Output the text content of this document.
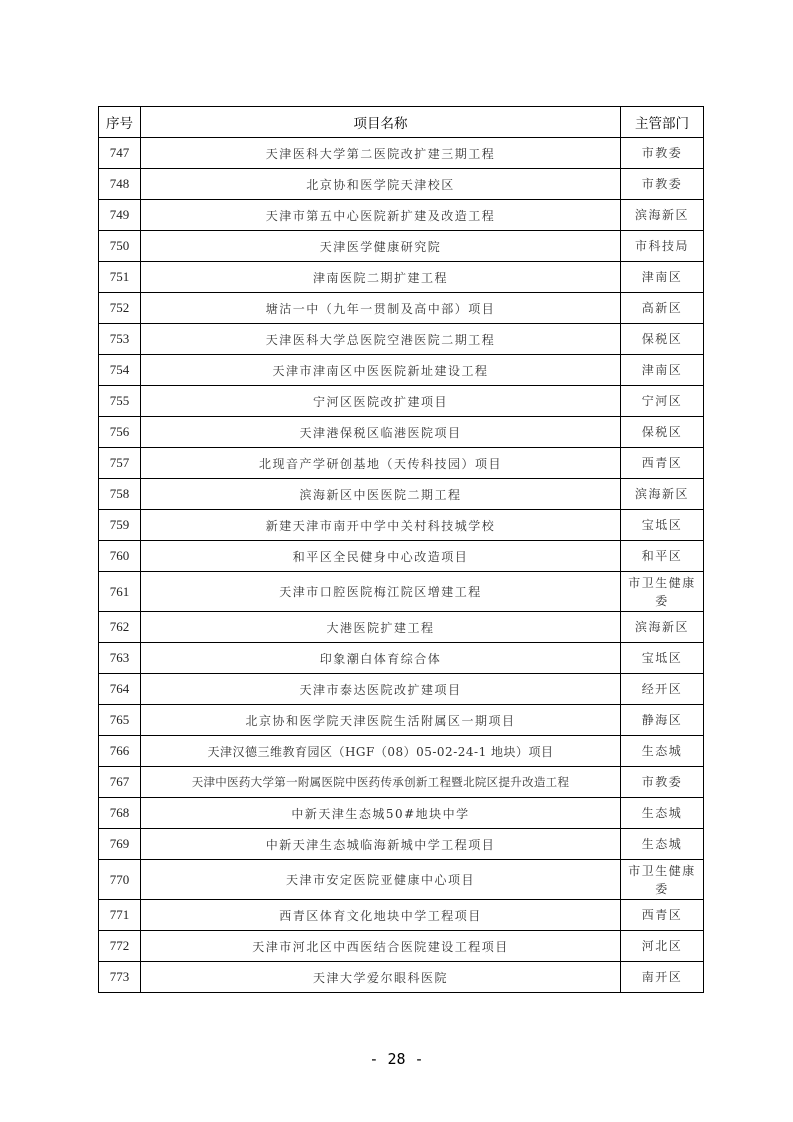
序号	项目名称	主管部门
747	天津医科大学第二医院改扩建三期工程	市教委
748	北京协和医学院天津校区	市教委
749	天津市第五中心医院新扩建及改造工程	滨海新区
750	天津医学健康研究院	市科技局
751	津南医院二期扩建工程	津南区
752	塘沽一中（九年一贯制及高中部）项目	高新区
753	天津医科大学总医院空港医院二期工程	保税区
754	天津市津南区中医医院新址建设工程	津南区
755	宁河区医院改扩建项目	宁河区
756	天津港保税区临港医院项目	保税区
757	北现音产学研创基地（天传科技园）项目	西青区
758	滨海新区中医医院二期工程	滨海新区
759	新建天津市南开中学中关村科技城学校	宝坻区
760	和平区全民健身中心改造项目	和平区
761	天津市口腔医院梅江院区增建工程	市卫生健康委
762	大港医院扩建工程	滨海新区
763	印象潮白体育综合体	宝坻区
764	天津市泰达医院改扩建项目	经开区
765	北京协和医学院天津医院生活附属区一期项目	静海区
766	天津汉德三维教育园区（HGF（08）05-02-24-1 地块）项目	生态城
767	天津中医药大学第一附属医院中医药传承创新工程暨北院区提升改造工程	市教委
768	中新天津生态城50#地块中学	生态城
769	中新天津生态城临海新城中学工程项目	生态城
770	天津市安定医院亚健康中心项目	市卫生健康委
771	西青区体育文化地块中学工程项目	西青区
772	天津市河北区中西医结合医院建设工程项目	河北区
773	天津大学爱尔眼科医院	南开区
- 28 -
